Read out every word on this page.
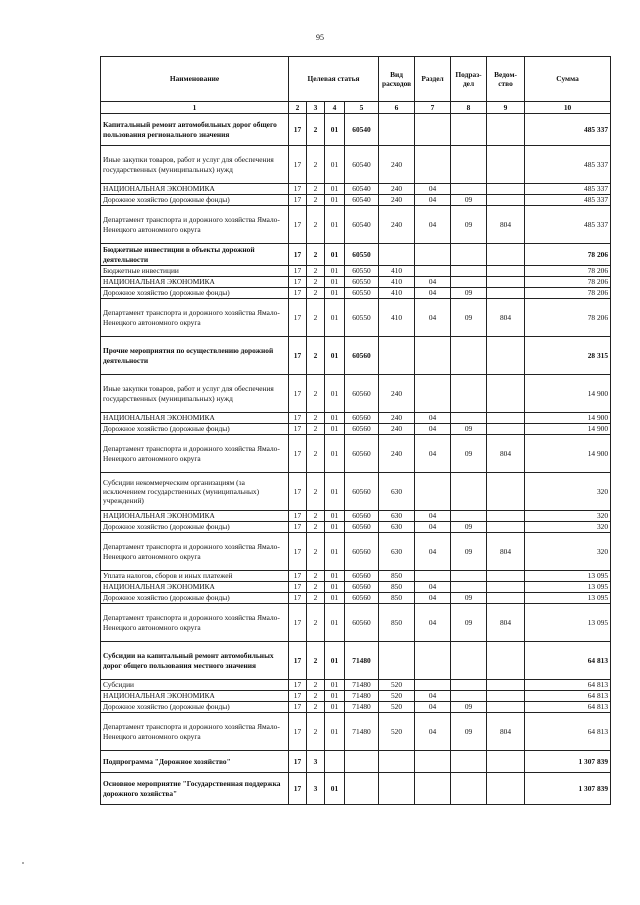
95
Наименование	Целевая статья				Вид расходов	Раздел	Подраз-дел	Ведом-ство	Сумма
1	2	3	4	5	6	7	8	9	10
Капитальный ремонт автомобильных дорог общего пользования регионального значения	17	2	01	60540					485 337
Иные закупки товаров, работ и услуг для обеспечения государственных (муниципальных) нужд	17	2	01	60540	240				485 337
НАЦИОНАЛЬНАЯ ЭКОНОМИКА	17	2	01	60540	240	04			485 337
Дорожное хозяйство (дорожные фонды)	17	2	01	60540	240	04	09		485 337
Департамент транспорта и дорожного хозяйства Ямало-Ненецкого автономного округа	17	2	01	60540	240	04	09	804	485 337
Бюджетные инвестиции в объекты дорожной деятельности	17	2	01	60550					78 206
Бюджетные инвестиции	17	2	01	60550	410				78 206
НАЦИОНАЛЬНАЯ ЭКОНОМИКА	17	2	01	60550	410	04			78 206
Дорожное хозяйство (дорожные фонды)	17	2	01	60550	410	04	09		78 206
Департамент транспорта и дорожного хозяйства Ямало-Ненецкого автономного округа	17	2	01	60550	410	04	09	804	78 206
Прочие мероприятия по осуществлению дорожной деятельности	17	2	01	60560					28 315
Иные закупки товаров, работ и услуг для обеспечения государственных (муниципальных) нужд	17	2	01	60560	240				14 900
НАЦИОНАЛЬНАЯ ЭКОНОМИКА	17	2	01	60560	240	04			14 900
Дорожное хозяйство (дорожные фонды)	17	2	01	60560	240	04	09		14 900
Департамент транспорта и дорожного хозяйства Ямало-Ненецкого автономного округа	17	2	01	60560	240	04	09	804	14 900
Субсидии некоммерческим организациям (за исключением государственных (муниципальных) учреждений)	17	2	01	60560	630				320
НАЦИОНАЛЬНАЯ ЭКОНОМИКА	17	2	01	60560	630	04			320
Дорожное хозяйство (дорожные фонды)	17	2	01	60560	630	04	09		320
Департамент транспорта и дорожного хозяйства Ямало-Ненецкого автономного округа	17	2	01	60560	630	04	09	804	320
Уплата налогов, сборов и иных платежей	17	2	01	60560	850				13 095
НАЦИОНАЛЬНАЯ ЭКОНОМИКА	17	2	01	60560	850	04			13 095
Дорожное хозяйство (дорожные фонды)	17	2	01	60560	850	04	09		13 095
Департамент транспорта и дорожного хозяйства Ямало-Ненецкого автономного округа	17	2	01	60560	850	04	09	804	13 095
Субсидии на капитальный ремонт автомобильных дорог общего пользования местного значения	17	2	01	71480					64 813
Субсидии	17	2	01	71480	520				64 813
НАЦИОНАЛЬНАЯ ЭКОНОМИКА	17	2	01	71480	520	04			64 813
Дорожное хозяйство (дорожные фонды)	17	2	01	71480	520	04	09		64 813
Департамент транспорта и дорожного хозяйства Ямало-Ненецкого автономного округа	17	2	01	71480	520	04	09	804	64 813
Подпрограмма "Дорожное хозяйство"	17	3							1 307 839
Основное мероприятие "Государственная поддержка дорожного хозяйства"	17	3	01						1 307 839
